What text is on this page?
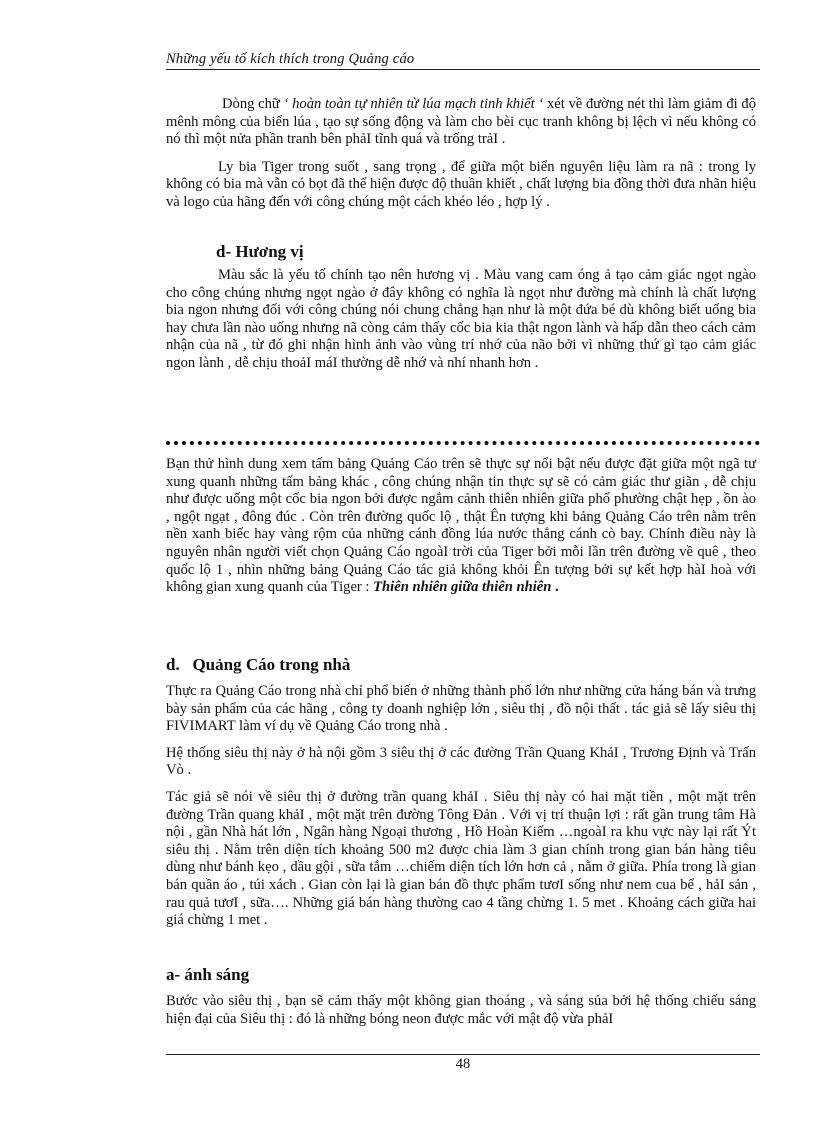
Những yếu tố kích thích trong Quảng cáo

Dòng chữ ‘ hoàn toàn tự nhiên từ lúa mạch tinh khiết ‘ xét về đường nét thì làm giảm đi độ mênh mông của biển lúa , tạo sự sống động và làm cho bèi cục tranh không bị lệch vì nếu không có nó thì một nửa phần tranh bên phảI tĩnh quá và trống trảI .

Ly bia Tiger trong suốt , sang trọng , để giữa một biển nguyên liệu làm ra nã : trong ly không có bia mà vẫn có bọt đã thể hiện được độ thuần khiết , chất lượng bia đồng thời đưa nhãn hiệu và logo của hãng đến với công chúng một cách khéo léo , hợp lý .

d- Hương vị

Màu sắc là yếu tố chính tạo nên hương vị . Màu vang cam óng ả tạo cảm giác ngọt ngào cho công chúng nhưng ngọt ngào ở đây không có nghĩa là ngọt như đường mà chính là chất lượng bia ngon nhưng đối với công chúng nói chung chẳng hạn như là một đứa bé dù không biết uống bia hay chưa lần nào uống nhưng nã còng cảm thấy cốc bia kia thật ngon lành và hấp dẫn theo cách cảm nhận của nã , từ đó ghi nhận hình ảnh vào vùng trí nhớ của não bởi vì những thứ gì tạo cảm giác ngon lành , dễ chịu thoảI máI thường dễ nhớ và nhí nhanh hơn .

Bạn thử hình dung xem tấm bảng Quảng Cáo trên sẽ thực sự nổi bật nếu được đặt giữa một ngã tư xung quanh những tấm bảng khác , công chúng nhận tin thực sự sẽ có cảm giác thư giãn , dễ chịu như được uống một cốc bia ngon bởi được ngắm cảnh thiên nhiên giữa phố phường chật hẹp , ồn ào , ngột ngạt , đông đúc . Còn trên đường quốc lộ , thật Ên tượng khi bảng Quảng Cáo trên nằm trên nền xanh biếc hay vàng rộm của những cánh đồng lúa nước thẳng cánh cò bay. Chính điều này là nguyên nhân người viết chọn Quảng Cáo ngoàI trời của Tiger bởi mỗi lần trên đường về quê , theo quốc lộ 1 , nhìn những bảng Quảng Cáo tác giả không khỏi Ên tượng bởi sự kết hợp hàI hoà với không gian xung quanh của Tiger : Thiên nhiên giữa thiên nhiên .

d.   Quảng Cáo trong nhà

Thực ra Quảng Cáo trong nhà chỉ phổ biến ở những thành phố lớn như những cửa háng bán và trưng bày sản phẩm của các hãng , công ty doanh nghiệp lớn , siêu thị , đồ nội thất . tác giả sẽ lấy siêu thị FIVIMART làm ví dụ về Quảng Cáo trong nhà .

Hệ thống siêu thị này ở hà nội gồm 3 siêu thị ở các đường Trần Quang KhảI , Trương Định và Trấn Vò .

Tác giả sẽ nói về siêu thị ở đường trần quang khảI . Siêu thị này có hai mặt tiền , một mặt trên đường Trần quang khảI , một mặt trên đường Tông Đản . Với vị trí thuận lợi : rất gần trung tâm Hà nội , gần Nhà hát lớn , Ngân hàng Ngoại thương , Hồ Hoàn Kiếm …ngoàI ra khu vực này lại rất Ýt siêu thị . Nằm trên diện tích khoảng 500 m2 được chia làm 3 gian chính trong gian bán hàng tiêu dùng như bánh kẹo , dầu gội , sữa tắm …chiếm diện tích lớn hơn cả , nằm ở giữa. Phía trong là gian bán quần áo , túi xách . Gian còn lại là gian bán đồ thực phẩm tươI sống như nem cua bể , hảI sản , rau quả tươI , sữa…. Những giá bán hàng thường cao 4 tầng chừng 1. 5 met . Khoảng cách giữa hai giá chừng 1 met .

a- ánh sáng

Bước vào siêu thị , bạn sẽ cảm thấy một không gian thoáng , và sáng sủa bởi hệ thống chiếu sáng hiện đại của Siêu thị : đó là những bóng neon được mắc với mật độ vừa phảI

48
